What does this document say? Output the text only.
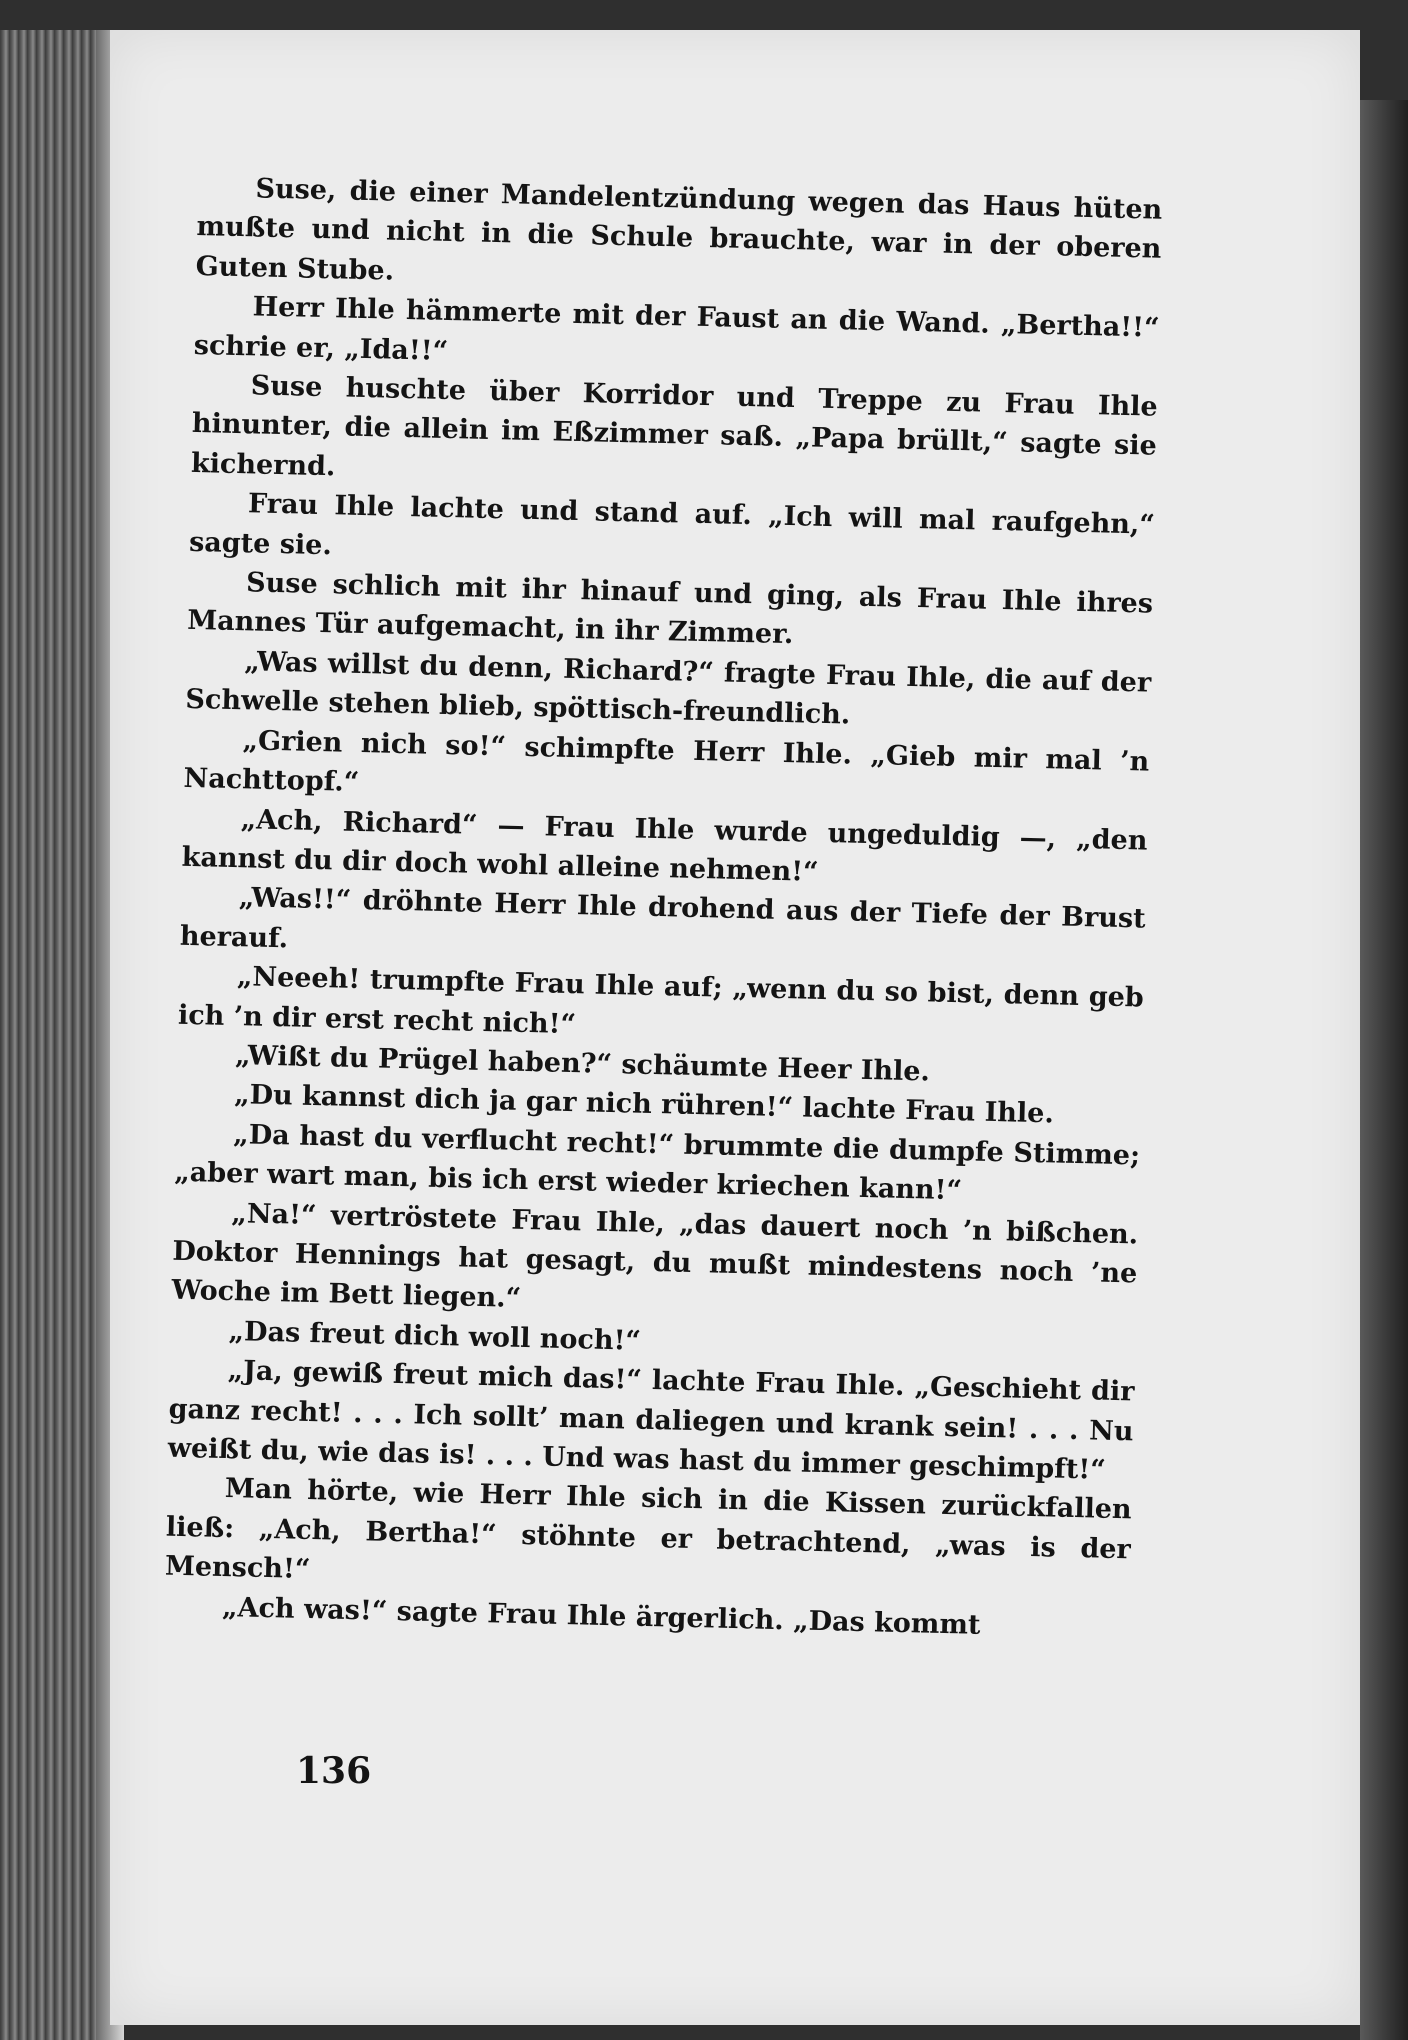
Suse, die einer Mandelentzündung wegen das Haus hüten mußte und nicht in die Schule brauchte, war in der oberen Guten Stube.

Herr Ihle hämmerte mit der Faust an die Wand. „Bertha!!“ schrie er, „Ida!!“

Suse huschte über Korridor und Treppe zu Frau Ihle hinunter, die allein im Eßzimmer saß. „Papa brüllt,“ sagte sie kichernd.

Frau Ihle lachte und stand auf. „Ich will mal raufgehn,“ sagte sie.

Suse schlich mit ihr hinauf und ging, als Frau Ihle ihres Mannes Tür aufgemacht, in ihr Zimmer.

„Was willst du denn, Richard?“ fragte Frau Ihle, die auf der Schwelle stehen blieb, spöttisch-freundlich.

„Grien nich so!“ schimpfte Herr Ihle. „Gieb mir mal ’n Nachttopf.“

„Ach, Richard“ — Frau Ihle wurde ungeduldig —, „den kannst du dir doch wohl alleine nehmen!“

„Was!!“ dröhnte Herr Ihle drohend aus der Tiefe der Brust herauf.

„Neeeh! trumpfte Frau Ihle auf; „wenn du so bist, denn geb ich ’n dir erst recht nich!“

„Wißt du Prügel haben?“ schäumte Heer Ihle.

„Du kannst dich ja gar nich rühren!“ lachte Frau Ihle.

„Da hast du verflucht recht!“ brummte die dumpfe Stimme; „aber wart man, bis ich erst wieder kriechen kann!“

„Na!“ vertröstete Frau Ihle, „das dauert noch ’n bißchen. Doktor Hennings hat gesagt, du mußt mindestens noch ’ne Woche im Bett liegen.“

„Das freut dich woll noch!“

„Ja, gewiß freut mich das!“ lachte Frau Ihle. „Geschieht dir ganz recht! . . . Ich sollt’ man daliegen und krank sein! . . . Nu weißt du, wie das is! . . . Und was hast du immer geschimpft!“

Man hörte, wie Herr Ihle sich in die Kissen zurückfallen ließ: „Ach, Bertha!“ stöhnte er betrachtend, „was is der Mensch!“

„Ach was!“ sagte Frau Ihle ärgerlich. „Das kommt

136
